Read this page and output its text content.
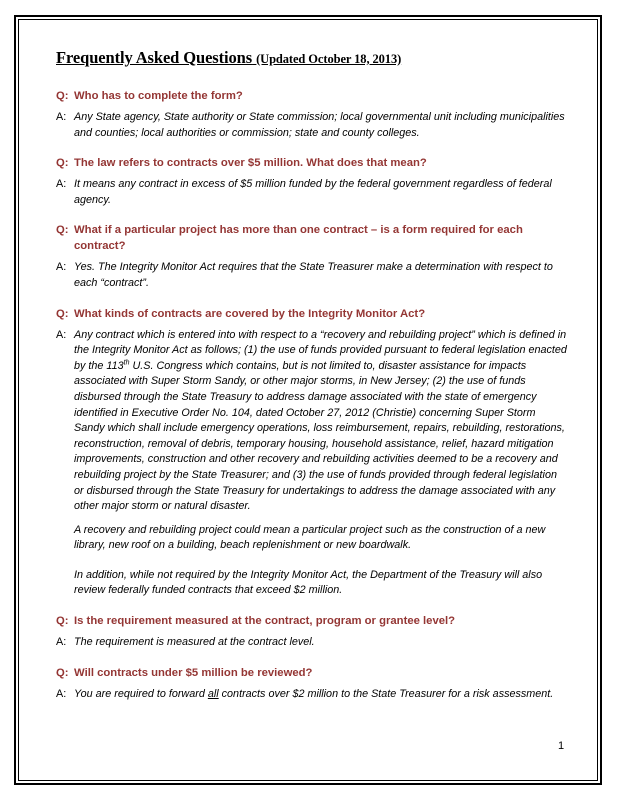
Frequently Asked Questions (Updated October 18, 2013)
Q: Who has to complete the form?
A: Any State agency, State authority or State commission; local governmental unit including municipalities and counties; local authorities or commission; state and county colleges.
Q: The law refers to contracts over $5 million. What does that mean?
A: It means any contract in excess of $5 million funded by the federal government regardless of federal agency.
Q: What if a particular project has more than one contract – is a form required for each contract?
A: Yes. The Integrity Monitor Act requires that the State Treasurer make a determination with respect to each “contract”.
Q: What kinds of contracts are covered by the Integrity Monitor Act?
A: Any contract which is entered into with respect to a “recovery and rebuilding project” which is defined in the Integrity Monitor Act as follows; (1) the use of funds provided pursuant to federal legislation enacted by the 113th U.S. Congress which contains, but is not limited to, disaster assistance for impacts associated with Super Storm Sandy, or other major storms, in New Jersey; (2) the use of funds disbursed through the State Treasury to address damage associated with the state of emergency identified in Executive Order No. 104, dated October 27, 2012 (Christie) concerning Super Storm Sandy which shall include emergency operations, loss reimbursement, repairs, rebuilding, restorations, reconstruction, removal of debris, temporary housing, household assistance, relief, hazard mitigation improvements, construction and other recovery and rebuilding activities deemed to be a recovery and rebuilding project by the State Treasurer; and (3) the use of funds provided through federal legislation or disbursed through the State Treasury for undertakings to address the damage associated with any other major storm or natural disaster.
A recovery and rebuilding project could mean a particular project such as the construction of a new library, new roof on a building, beach replenishment or new boardwalk.
In addition, while not required by the Integrity Monitor Act, the Department of the Treasury will also review federally funded contracts that exceed $2 million.
Q: Is the requirement measured at the contract, program or grantee level?
A: The requirement is measured at the contract level.
Q: Will contracts under $5 million be reviewed?
A: You are required to forward all contracts over $2 million to the State Treasurer for a risk assessment.
1
